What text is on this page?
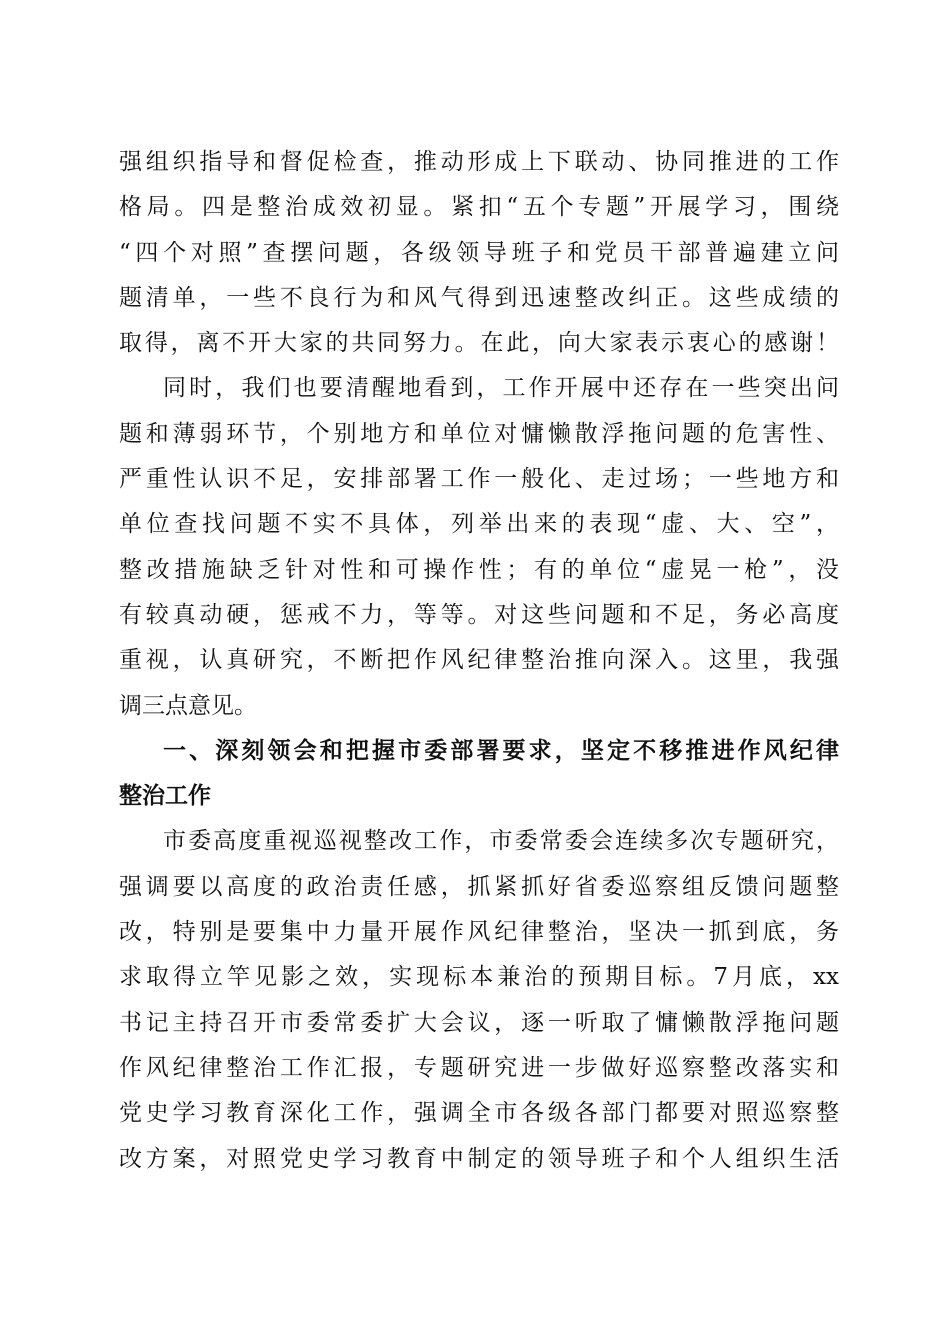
强组织指导和督促检查，推动形成上下联动、协同推进的工作
格局。四是整治成效初显。紧扣“五个专题”开展学习，围绕
“四个对照”查摆问题，各级领导班子和党员干部普遍建立问
题清单，一些不良行为和风气得到迅速整改纠正。这些成绩的
取得，离不开大家的共同努力。在此，向大家表示衷心的感谢！
同时，我们也要清醒地看到，工作开展中还存在一些突出问
题和薄弱环节，个别地方和单位对慵懒散浮拖问题的危害性、
严重性认识不足，安排部署工作一般化、走过场；一些地方和
单位查找问题不实不具体，列举出来的表现“虚、大、空”，
整改措施缺乏针对性和可操作性；有的单位“虚晃一枪”，没
有较真动硬，惩戒不力，等等。对这些问题和不足，务必高度
重视，认真研究，不断把作风纪律整治推向深入。这里，我强
调三点意见。
一、深刻领会和把握市委部署要求，坚定不移推进作风纪律
整治工作
市委高度重视巡视整改工作，市委常委会连续多次专题研究，
强调要以高度的政治责任感，抓紧抓好省委巡察组反馈问题整
改，特别是要集中力量开展作风纪律整治，坚决一抓到底，务
求取得立竿见影之效，实现标本兼治的预期目标。7月底，xx
书记主持召开市委常委扩大会议，逐一听取了慵懒散浮拖问题
作风纪律整治工作汇报，专题研究进一步做好巡察整改落实和
党史学习教育深化工作，强调全市各级各部门都要对照巡察整
改方案，对照党史学习教育中制定的领导班子和个人组织生活
